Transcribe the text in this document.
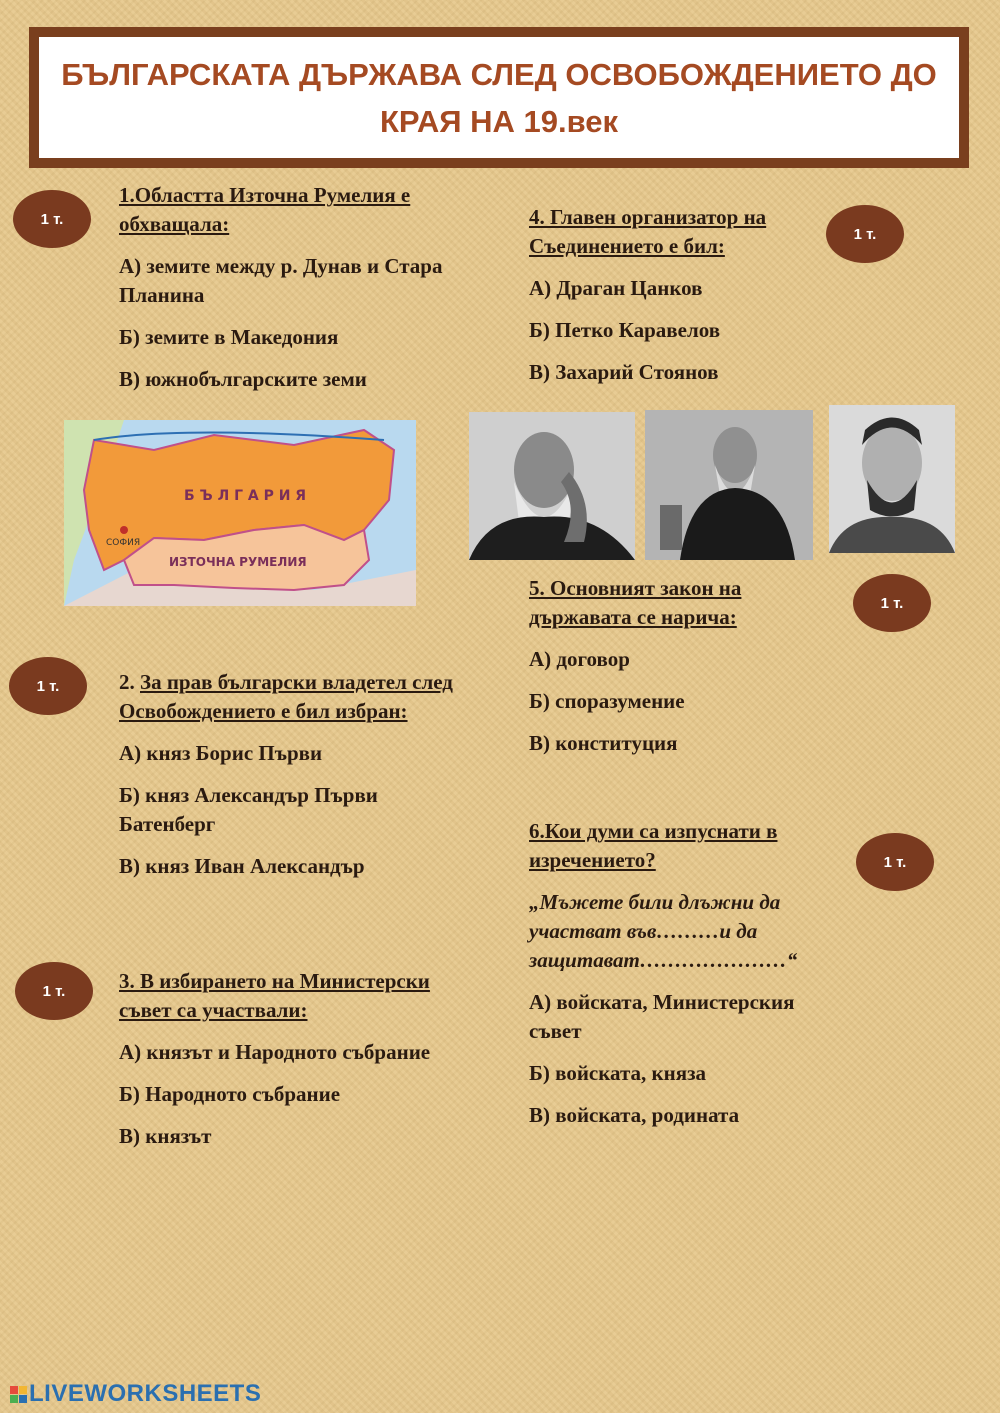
БЪЛГАРСКАТА ДЪРЖАВА СЛЕД ОСВОБОЖДЕНИЕТО ДО КРАЯ НА 19.век
1 т.
1 т.
1 т.
1 т.
1 т.
1 т.
1.Областта Източна Румелия е обхващала:
А) земите между р. Дунав и Стара Планина
Б) земите в Македония
В) южнобългарските земи
Б Ъ Л Г А Р И Я
ИЗТОЧНА РУМЕЛИЯ
СОФИЯ
4. Главен организатор на Съединението е бил:
А) Драган Цанков
Б) Петко Каравелов
В) Захарий Стоянов
5. Основният закон на държавата се нарича:
А) договор
Б) споразумение
В) конституция
2. За прав български владетел след Освобождението е бил избран:
А) княз Борис Първи
Б) княз Александър Първи Батенберг
В) княз Иван Александър
6.Кои думи са изпуснати в изречението?
„Мъжете били длъжни да участват във………и да защитават…………………“
А) войската, Министерския съвет
Б) войската, княза
В) войската, родината
3. В избирането на Министерски съвет са участвали:
А) князът и Народното събрание
Б) Народното събрание
В) князът
LIVEWORKSHEETS
